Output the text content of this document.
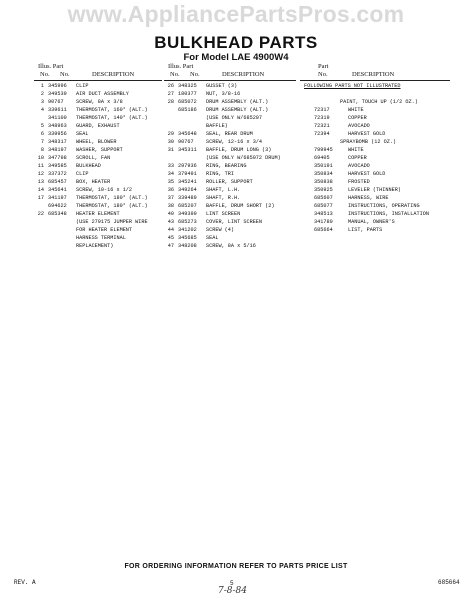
www.AppliancePartsPros.com
BULKHEAD PARTS
For Model LAE 4900W4
Illus. Part
No. No.	DESCRIPTION
Illus. Part
No. No.	DESCRIPTION
Part
No.	DESCRIPTION
1 345996 CLIP
2 349539 AIR DUCT ASSEMBLY
3 90767 SCREW, 8A x 3/8
4 339611 THERMOSTAT, 160° (ALT.)
341100 THERMOSTAT, 140° (ALT.)
5 348963 GUARD, EXHAUST
6 339956 SEAL
7 348317 WHEEL, BLOWER
8 348197 WASHER, SUPPORT
10 347798 SCROLL, FAN
11 349585 BULKHEAD
12 337372 CLIP
13 685457 BOX, HEATER
14 345641 SCREW, 10-16 x 1/2
17 341197 THERMOSTAT, 180° (ALT.)
694622 THERMOSTAT, 180° (ALT.)
22 685348 HEATER ELEMENT
(USE 279175 JUMPER WIRE
FOR HEATER ELEMENT
HARNESS TERMINAL
REPLACEMENT)
26 348325 GUSSET (3)
27 180377 NUT, 3/8-16
28 685072 DRUM ASSEMBLY (ALT.)
685186 DRUM ASSEMBLY (ALT.)
(USE ONLY W/685207
BAFFLE)
29 345648 SEAL, REAR DRUM
30 90767 SCREW, 12-16 x 3/4
31 345311 BAFFLE, DRUM LONG (3)
(USE ONLY W/685072 DRUM)
33 297936 RING, BEARING
34 379491 RING, TRI
35 345241 ROLLER, SUPPORT
36 349264 SHAFT, L.H.
37 339489 SHAFT, R.H.
38 685207 BAFFLE, DRUM SHORT (2)
40 349399 LINT SCREEN
43 685273 COVER, LINT SCREEN
44 341202 SCREW (4)
45 345685 SEAL
47 348208 SCREW, 8A x 5/16
FOLLOWING PARTS NOT ILLUSTRATED
PAINT, TOUCH UP (1/2 OZ.)
72317	WHITE
72319	COPPER
72321	AVOCADO
72394	HARVEST GOLD
SPRAYBOMB (12 OZ.)
799945	WHITE
69405	COPPER
350191	AVOCADO
350834	HARVEST GOLD
350838	FROSTED
350925	LEVELER (THINNER)
685607	HARNESS, WIRE
685077	INSTRUCTIONS, OPERATING
348513	INSTRUCTIONS, INSTALLATION
341780	MANUAL, OWNER'S
685664	LIST, PARTS
FOR ORDERING INFORMATION REFER TO PARTS PRICE LIST
REV. A	5	685664
7-8-84
